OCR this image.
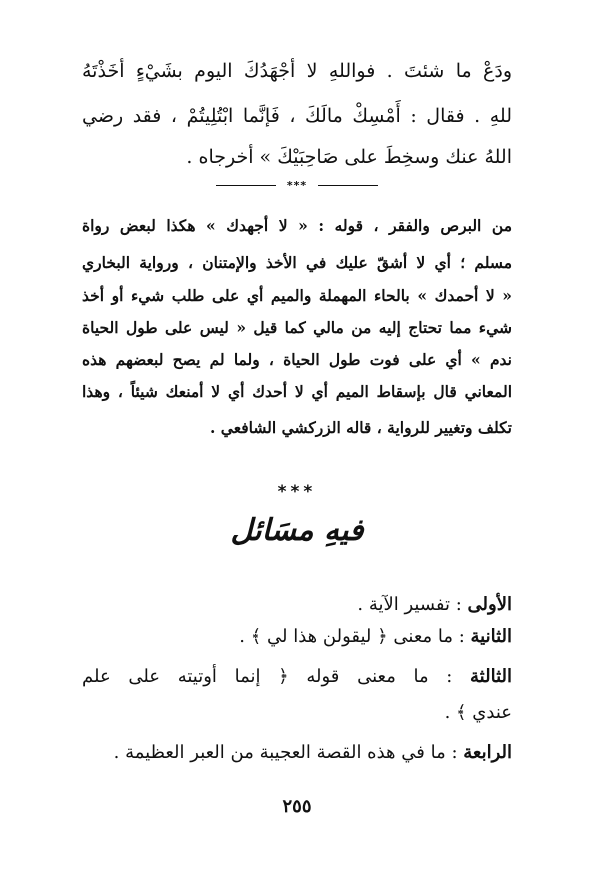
ودَعْ ما شئتَ . فواللهِ لا أجْهَدُكَ اليوم بشَيْءٍ أخَذْتَهُ
للهِ . فقال : أَمْسِكْ مالَكَ ، فَإنَّما ابْتُلِيتُمْ ، فقد رضي
اللهُ عنك وسخِطَ على صَاحِبَيْكَ » أخرجاه .
***
من البرص والفقر ، قوله : « لا أجهدك » هكذا لبعض رواة
مسلم ؛ أي لا أشقّ عليك في الأخذ والإمتنان ، ورواية البخاري
« لا أحمدك » بالحاء المهملة والميم أي على طلب شيء أو أخذ
شيء مما تحتاج إليه من مالي كما قيل « ليس على طول الحياة
ندم » أي على فوت طول الحياة ، ولما لم يصح لبعضهم هذه
المعاني قال بإسقاط الميم أي لا أحدك أي لا أمنعك شيئاً ، وهذا
تكلف وتغيير للرواية ، قاله الزركشي الشافعي .
***
فيهِ مسَائل
الأولى : تفسير الآية .
الثانية : ما معنى ﴿ ليقولن هذا لي ﴾ .
الثالثة : ما معنى قوله ﴿ إنما أوتيته على علم
عندي ﴾ .
الرابعة : ما في هذه القصة العجيبة من العبر العظيمة .
٢٥٥
